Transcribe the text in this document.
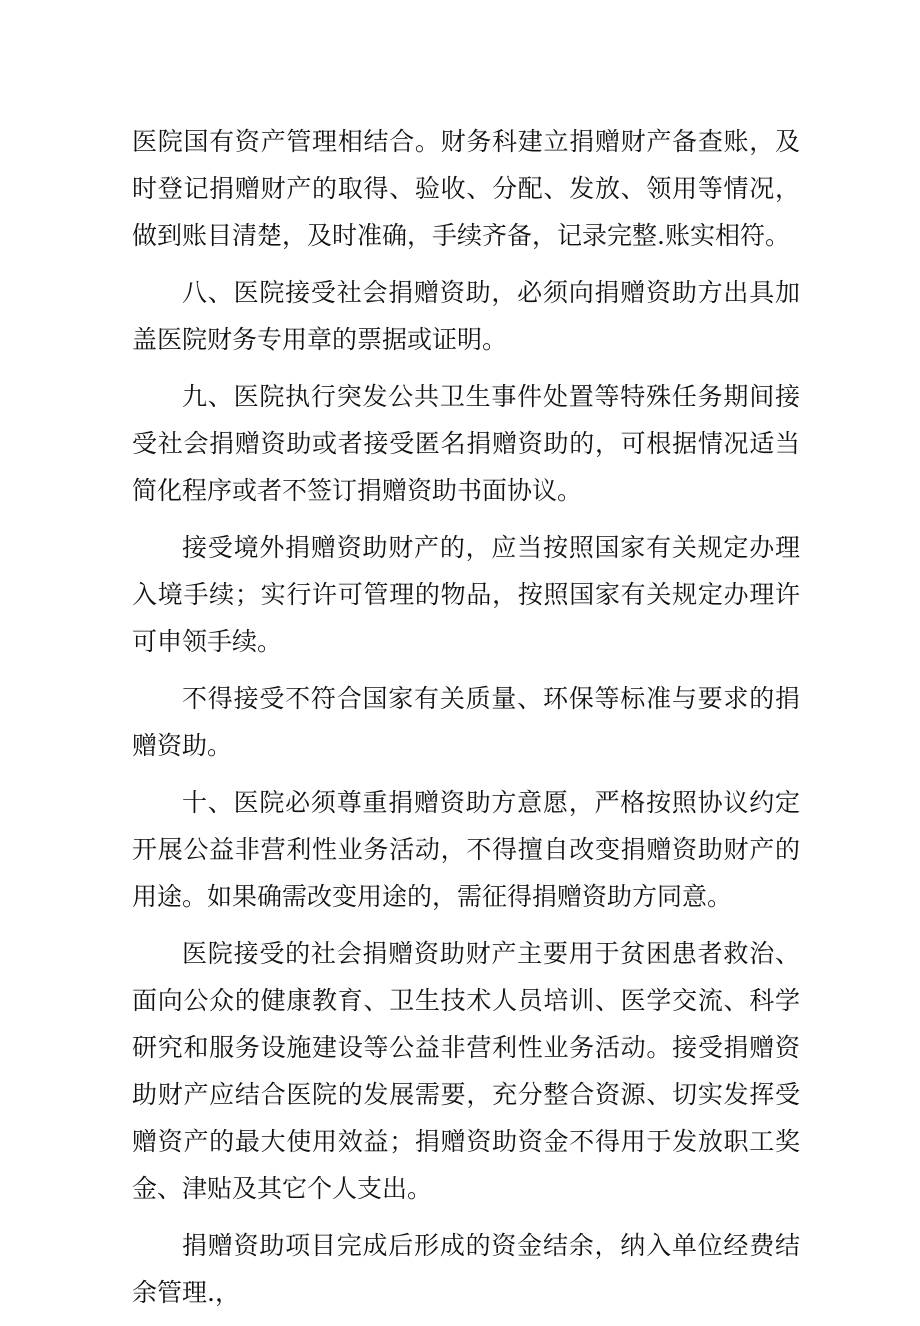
医院国有资产管理相结合。财务科建立捐赠财产备查账，及时登记捐赠财产的取得、验收、分配、发放、领用等情况，做到账目清楚，及时准确，手续齐备，记录完整.账实相符。

八、医院接受社会捐赠资助，必须向捐赠资助方出具加盖医院财务专用章的票据或证明。

九、医院执行突发公共卫生事件处置等特殊任务期间接受社会捐赠资助或者接受匿名捐赠资助的，可根据情况适当简化程序或者不签订捐赠资助书面协议。

接受境外捐赠资助财产的，应当按照国家有关规定办理入境手续；实行许可管理的物品，按照国家有关规定办理许可申领手续。

不得接受不符合国家有关质量、环保等标准与要求的捐赠资助。

十、医院必须尊重捐赠资助方意愿，严格按照协议约定开展公益非营利性业务活动，不得擅自改变捐赠资助财产的用途。如果确需改变用途的，需征得捐赠资助方同意。

医院接受的社会捐赠资助财产主要用于贫困患者救治、面向公众的健康教育、卫生技术人员培训、医学交流、科学研究和服务设施建设等公益非营利性业务活动。接受捐赠资助财产应结合医院的发展需要，充分整合资源、切实发挥受赠资产的最大使用效益；捐赠资助资金不得用于发放职工奖金、津贴及其它个人支出。

捐赠资助项目完成后形成的资金结余，纳入单位经费结余管理.，
